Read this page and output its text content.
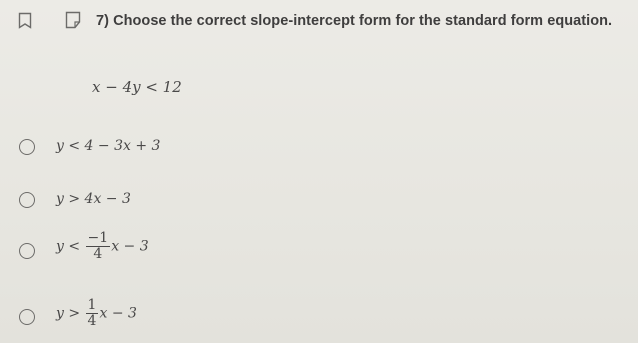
7) Choose the correct slope-intercept form for the standard form equation.
x − 4y < 12
y < 4 − 3x + 3
y > 4x − 3
$y < \frac{-1}{4}$ x − 3
$y > \frac{1}{4}$ x − 3
